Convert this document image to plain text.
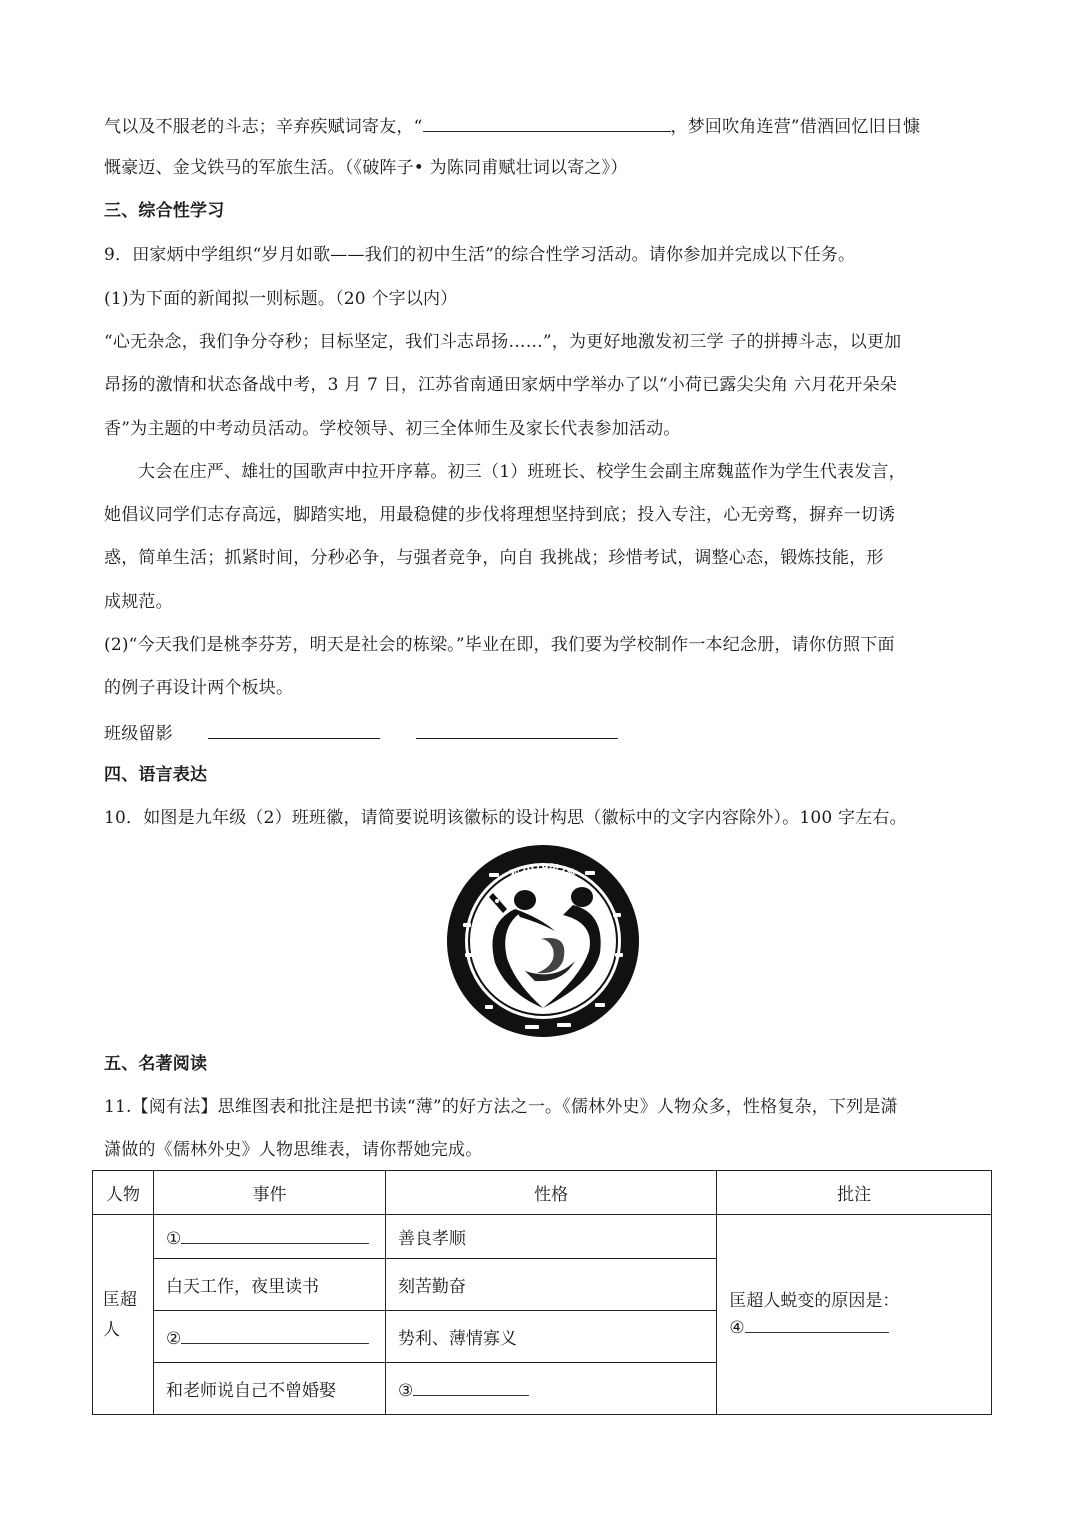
气以及不服老的斗志；辛弃疾赋词寄友，“	，梦回吹角连营”借酒回忆旧日慷
慨豪迈、金戈铁马的军旅生活。（《破阵子• 为陈同甫赋壮词以寄之》）
三、综合性学习
9．田家炳中学组织“岁月如歌——我们的初中生活”的综合性学习活动。请你参加并完成以下任务。
(1)为下面的新闻拟一则标题。（20 个字以内）
“心无杂念，我们争分夺秒；目标坚定，我们斗志昂扬……”，为更好地激发初三学 子的拼搏斗志，以更加
昂扬的激情和状态备战中考，3 月 7 日，江苏省南通田家炳中学举办了以“小荷已露尖尖角 六月花开朵朵
香”为主题的中考动员活动。学校领导、初三全体师生及家长代表参加活动。
大会在庄严、雄壮的国歌声中拉开序幕。初三（1）班班长、校学生会副主席魏蓝作为学生代表发言，
她倡议同学们志存高远，脚踏实地，用最稳健的步伐将理想坚持到底；投入专注，心无旁骛，摒弃一切诱
惑，简单生活；抓紧时间，分秒必争，与强者竞争，向自 我挑战；珍惜考试，调整心态，锻炼技能，形
成规范。
(2)“今天我们是桃李芬芳，明天是社会的栋梁。”毕业在即，我们要为学校制作一本纪念册，请你仿照下面
的例子再设计两个板块。
班级留影
四、语言表达
10．如图是九年级（2）班班徽，请简要说明该徽标的设计构思（徽标中的文字内容除外）。100 字左右。
初2019级2班
五、名著阅读
11.【阅有法】思维图表和批注是把书读“薄”的好方法之一。《儒林外史》人物众多，性格复杂，下列是潇
潇做的《儒林外史》人物思维表，请你帮她完成。
人物	事件	性格	批注
匡超人	①	善良孝顺	匡超人蜕变的原因是：
④

	白天工作，夜里读书	刻苦勤奋	
	②	势利、薄情寡义	
	和老师说自己不曾婚娶	③	
